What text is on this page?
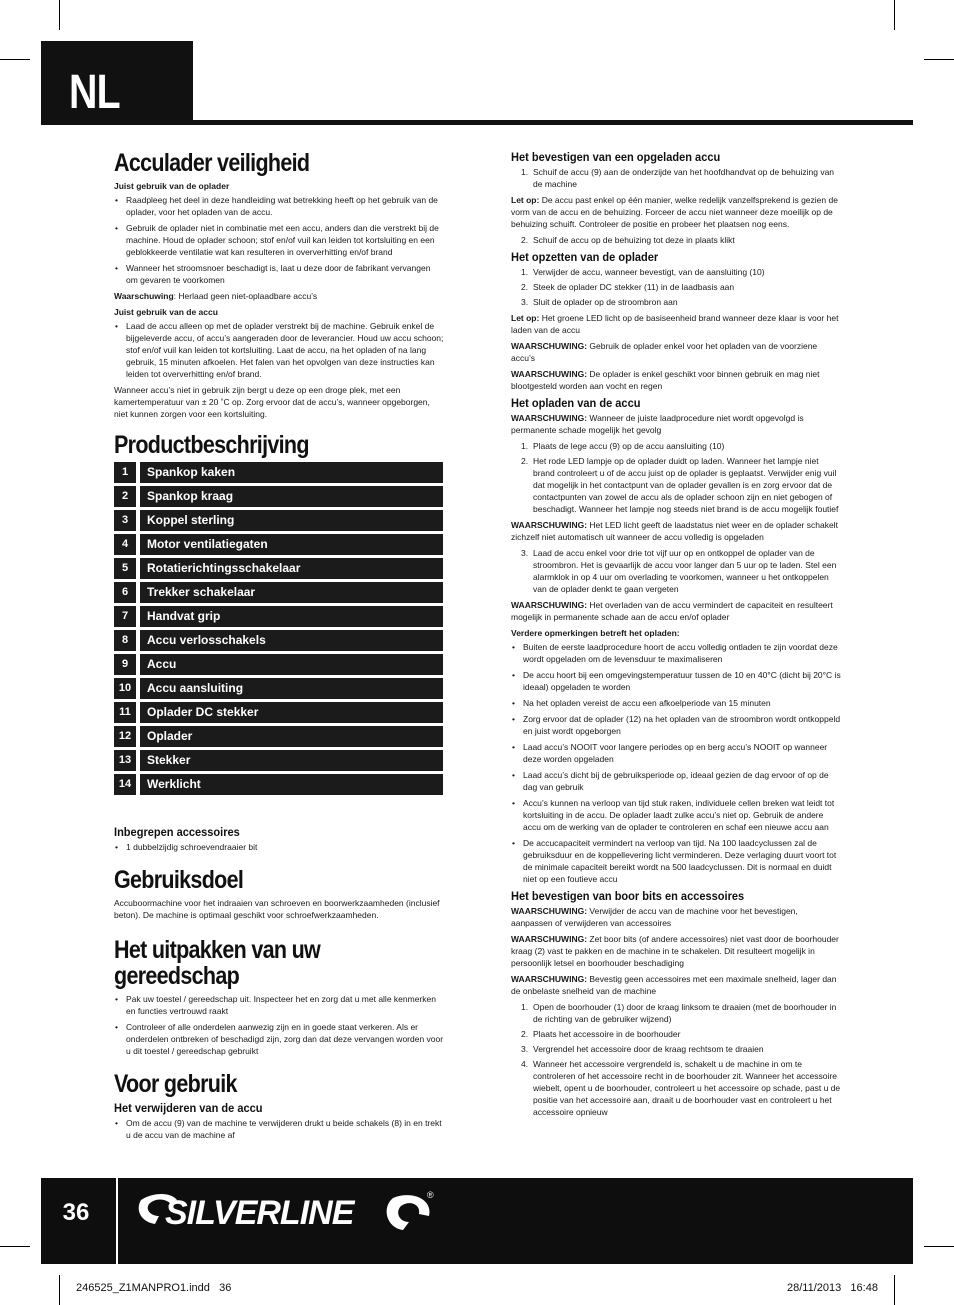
NL
Acculader veiligheid
Juist gebruik van de oplader
• Raadpleeg het deel in deze handleiding wat betrekking heeft op het gebruik van de oplader, voor het opladen van de accu.
• Gebruik de oplader niet in combinatie met een accu, anders dan die verstrekt bij de machine. Houd de oplader schoon; stof en/of vuil kan leiden tot kortsluiting en een geblokkeerde ventilatie wat kan resulteren in oververhitting en/of brand
• Wanneer het stroomsnoer beschadigt is, laat u deze door de fabrikant vervangen om gevaren te voorkomen

Waarschuwing: Herlaad geen niet-oplaadbare accu’s

Juist gebruik van de accu
• Laad de accu alleen op met de oplader verstrekt bij de machine. Gebruik enkel de bijgeleverde accu, of accu’s aangeraden door de leverancier. Houd uw accu schoon; stof en/of vuil kan leiden tot kortsluiting. Laat de accu, na het opladen of na lang gebruik, 15 minuten afkoelen. Het falen van het opvolgen van deze instructies kan leiden tot oververhitting en/of brand.

Wanneer accu’s niet in gebruik zijn bergt u deze op een droge plek, met een kamertemperatuur van ± 20 ˚C op. Zorg ervoor dat de accu’s, wanneer opgeborgen, niet kunnen zorgen voor een kortsluiting.

Productbeschrijving
1	Spankop kaken
2	Spankop kraag
3	Koppel sterling
4	Motor ventilatiegaten
5	Rotatierichtingsschakelaar
6	Trekker schakelaar
7	Handvat grip
8	Accu verlosschakels
9	Accu
10	Accu aansluiting
11	Oplader DC stekker
12	Oplader
13	Stekker
14	Werklicht
Inbegrepen accessoires
• 1 dubbelzijdig schroevendraaier bit
Gebruiksdoel

Accuboormachine voor het indraaien van schroeven en boorwerkzaamheden (inclusief beton). De machine is optimaal geschikt voor schroefwerkzaamheden.

Het uitpakken van uw
gereedschap
• Pak uw toestel / gereedschap uit. Inspecteer het en zorg dat u met alle kenmerken en functies vertrouwd raakt
• Controleer of alle onderdelen aanwezig zijn en in goede staat verkeren. Als er onderdelen ontbreken of beschadigd zijn, zorg dan dat deze vervangen worden voor u dit toestel / gereedschap gebruikt
Voor gebruik
Het verwijderen van de accu
• Om de accu (9) van de machine te verwijderen drukt u beide schakels (8) in en trekt u de accu van de machine af
Het bevestigen van een opgeladen accu
1. Schuif de accu (9) aan de onderzijde van het hoofdhandvat op de behuizing van de machine

Let op: De accu past enkel op één manier, welke redelijk vanzelfsprekend is gezien de vorm van de accu en de behuizing. Forceer de accu niet wanneer deze moeilijk op de behuizing schuift. Controleer de positie en probeer het plaatsen nog eens.

2. Schuif de accu op de behuizing tot deze in plaats klikt
Het opzetten van de oplader
1. Verwijder de accu, wanneer bevestigt, van de aansluiting (10)
2. Steek de oplader DC stekker (11) in de laadbasis aan
3. Sluit de oplader op de stroombron aan

Let op: Het groene LED licht op de basiseenheid brand wanneer deze klaar is voor het laden van de accu

WAARSCHUWING: Gebruik de oplader enkel voor het opladen van de voorziene accu’s

WAARSCHUWING: De oplader is enkel geschikt voor binnen gebruik en mag niet blootgesteld worden aan vocht en regen

Het opladen van de accu

WAARSCHUWING: Wanneer de juiste laadprocedure niet wordt opgevolgd is permanente schade mogelijk het gevolg

1. Plaats de lege accu (9) op de accu aansluiting (10)
2. Het rode LED lampje op de oplader duidt op laden. Wanneer het lampje niet brand controleert u of de accu juist op de oplader is geplaatst. Verwijder enig vuil dat mogelijk in het contactpunt van de oplader gevallen is en zorg ervoor dat de contactpunten van zowel de accu als de oplader schoon zijn en niet gebogen of beschadigt. Wanneer het lampje nog steeds niet brand is de accu mogelijk foutief

WAARSCHUWING: Het LED licht geeft de laadstatus niet weer en de oplader schakelt zichzelf niet automatisch uit wanneer de accu volledig is opgeladen

3. Laad de accu enkel voor drie tot vijf uur op en ontkoppel de oplader van de stroombron. Het is gevaarlijk de accu voor langer dan 5 uur op te laden. Stel een alarmklok in op 4 uur om overlading te voorkomen, wanneer u het ontkoppelen van de oplader denkt te gaan vergeten

WAARSCHUWING: Het overladen van de accu vermindert de capaciteit en resulteert mogelijk in permanente schade aan de accu en/of oplader

Verdere opmerkingen betreft het opladen:
• Buiten de eerste laadprocedure hoort de accu volledig ontladen te zijn voordat deze wordt opgeladen om de levensduur te maximaliseren
• De accu hoort bij een omgevingstemperatuur tussen de 10 en 40°C (dicht bij 20°C is ideaal) opgeladen te worden
• Na het opladen vereist de accu een afkoelperiode van 15 minuten
• Zorg ervoor dat de oplader (12) na het opladen van de stroombron wordt ontkoppeld en juist wordt opgeborgen
• Laad accu’s NOOIT voor langere periodes op en berg accu’s NOOIT op wanneer deze worden opgeladen
• Laad accu’s dicht bij de gebruiksperiode op, ideaal gezien de dag ervoor of op de dag van gebruik
• Accu’s kunnen na verloop van tijd stuk raken, individuele cellen breken wat leidt tot kortsluiting in de accu. De oplader laadt zulke accu’s niet op. Gebruik de andere accu om de werking van de oplader te controleren en schaf een nieuwe accu aan
• De accucapaciteit vermindert na verloop van tijd. Na 100 laadcyclussen zal de gebruiksduur en de koppellevering licht verminderen. Deze verlaging duurt voort tot de minimale capaciteit bereikt wordt na 500 laadcyclussen. Dit is normaal en duidt niet op een foutieve accu
Het bevestigen van boor bits en accessoires

WAARSCHUWING: Verwijder de accu van de machine voor het bevestigen, aanpassen of verwijderen van accessoires

WAARSCHUWING: Zet boor bits (of andere accessoires) niet vast door de boorhouder kraag (2) vast te pakken en de machine in te schakelen. Dit resulteert mogelijk in persoonlijk letsel en boorhouder beschadiging

WAARSCHUWING: Bevestig geen accessoires met een maximale snelheid, lager dan de onbelaste snelheid van de machine

1. Open de boorhouder (1) door de kraag linksom te draaien (met de boorhouder in de richting van de gebruiker wijzend)
2. Plaats het accessoire in de boorhouder
3. Vergrendel het accessoire door de kraag rechtsom te draaien
4. Wanneer het accessoire vergrendeld is, schakelt u de machine in om te controleren of het accessoire recht in de boorhouder zit. Wanneer het accessoire wiebelt, opent u de boorhouder, controleert u het accessoire op schade, past u de positie van het accessoire aan, draait u de boorhouder vast en controleert u het accessoire opnieuw
36	SILVERLINE	®
246525_Z1MANPRO1.indd   36	28/11/2013   16:48
